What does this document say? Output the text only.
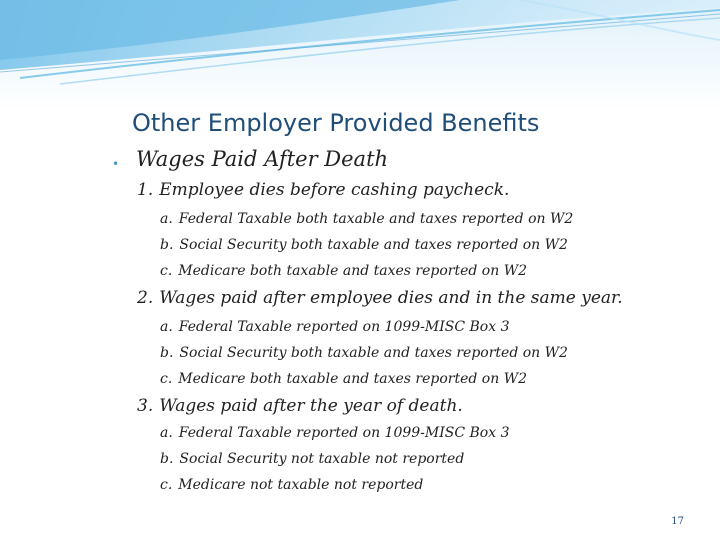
Other Employer Provided Benefits
• Wages Paid After Death
1. Employee dies before cashing paycheck.
a. Federal Taxable both taxable and taxes reported on W2
b. Social Security both taxable and taxes reported on W2
c. Medicare both taxable and taxes reported on W2
2. Wages paid after employee dies and in the same year.
a. Federal Taxable reported on 1099-MISC Box 3
b. Social Security both taxable and taxes reported on W2
c. Medicare both taxable and taxes reported on W2
3. Wages paid after the year of death.
a. Federal Taxable reported on 1099-MISC Box 3
b. Social Security not taxable not reported
c. Medicare not taxable not reported
17
